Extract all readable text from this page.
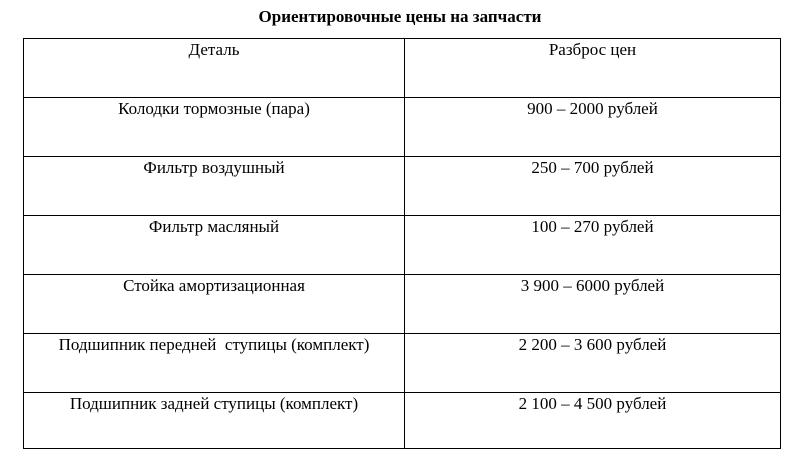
Ориентировочные цены на запчасти
Деталь	Разброс цен
Колодки тормозные (пара)	900 – 2000 рублей
Фильтр воздушный	250 – 700 рублей
Фильтр масляный	100 – 270 рублей
Стойка амортизационная	3 900 – 6000 рублей
Подшипник передней  ступицы (комплект)	2 200 – 3 600 рублей
Подшипник задней ступицы (комплект)	2 100 – 4 500 рублей
